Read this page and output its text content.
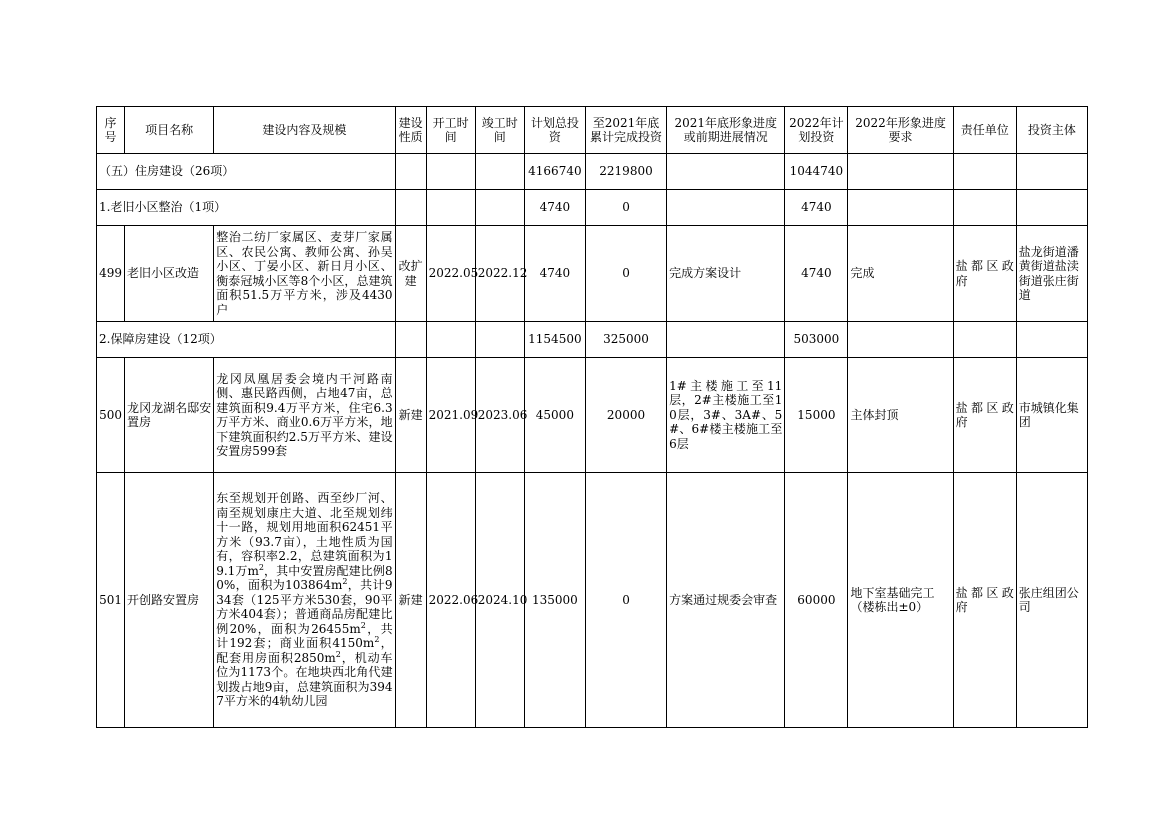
序号	项目名称	建设内容及规模	建设性质	开工时间	竣工时间	计划总投资	至2021年底累计完成投资	2021年底形象进度或前期进展情况	2022年计划投资	2022年形象进度要求	责任单位	投资主体
（五）住房建设（26项）						4166740	2219800		1044740			
1.老旧小区整治（1项）						4740	0		4740			
499	老旧小区改造	整治二纺厂家属区、麦芽厂家属区、农民公寓、教师公寓、孙吴小区、丁晏小区、新日月小区、衡泰冠城小区等8个小区，总建筑面积51.5万平方米，涉及4430户	改扩建	2022.05	2022.12	4740	0	完成方案设计	4740	完成	盐都区政府	盐龙街道潘黄街道盐渎街道张庄街道
2.保障房建设（12项）						1154500	325000		503000			
500	龙冈龙湖名邸安置房	龙冈凤凰居委会境内干河路南侧、惠民路西侧，占地47亩，总建筑面积9.4万平方米，住宅6.3万平方米、商业0.6万平方米，地下建筑面积约2.5万平方米、建设安置房599套	新建	2021.09	2023.06	45000	20000	1#主楼施工至11层，2#主楼施工至10层，3#、3A#、5#、6#楼主楼施工至6层	15000	主体封顶	盐都区政府	市城镇化集团
501	开创路安置房	东至规划开创路、西至纱厂河、南至规划康庄大道、北至规划纬十一路，规划用地面积62451平方米（93.7亩），土地性质为国有，容积率2.2，总建筑面积为19.1万$m^2$，其中安置房配建比例80%，面积为$103864m^2$，共计934套（125平方米530套，90平方米404套）；普通商品房配建比例20%，面积为$26455m^2$，共计192套；商业面积$4150m^2$，配套用房面积$2850m^2$，机动车位为1173个。在地块西北角代建划拨占地9亩，总建筑面积为3947平方米的4轨幼儿园	新建	2022.06	2024.10	135000	0	方案通过规委会审查	60000	地下室基础完工（楼栋出±0）	盐都区政府	张庄组团公司
